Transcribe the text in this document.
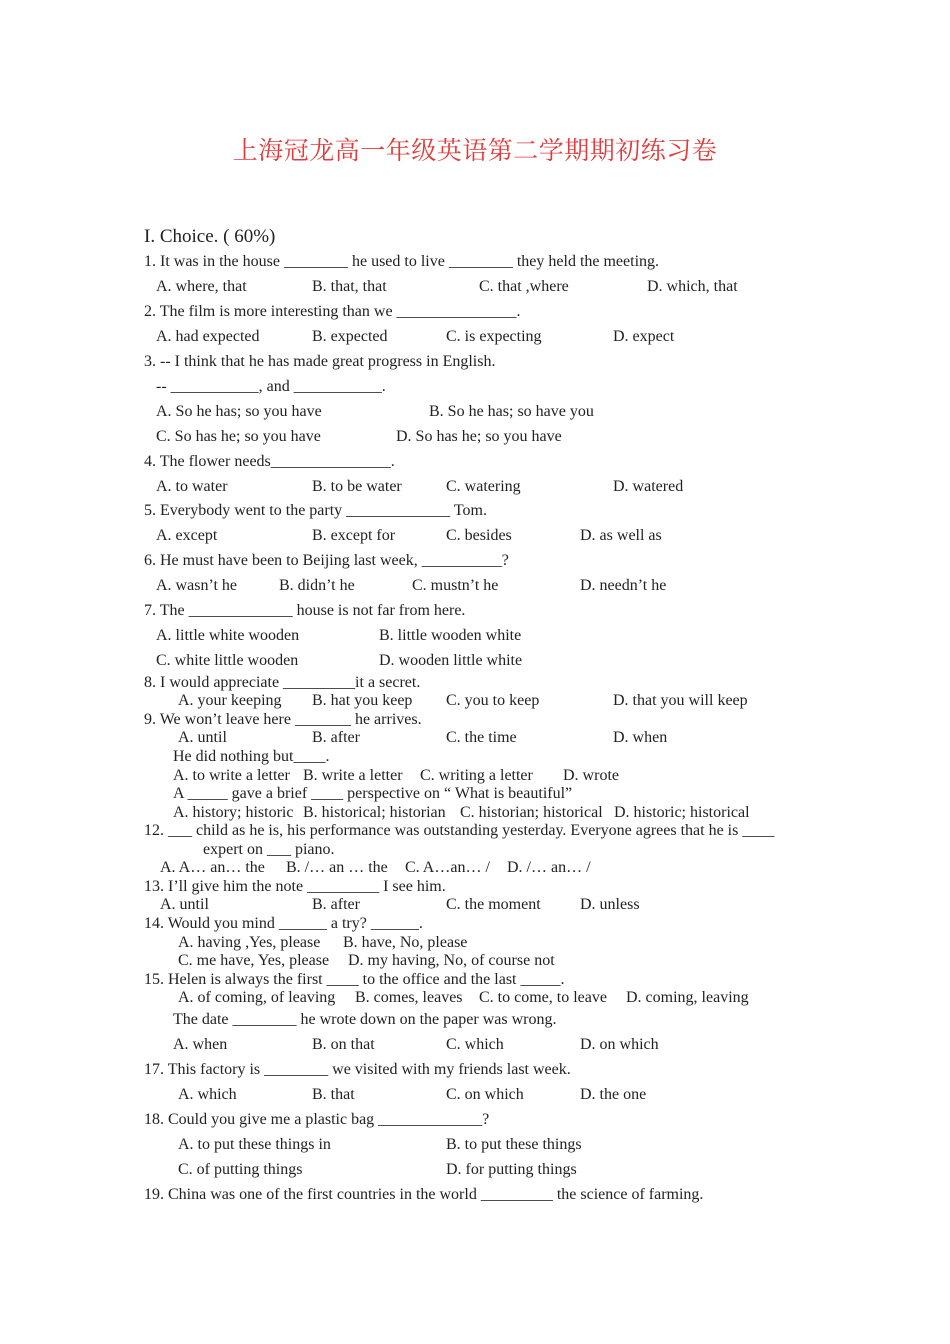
上海冠龙高一年级英语第二学期期初练习卷
I. Choice. ( 60%)
1. It was in the house ________ he used to live ________ they held the meeting.
A. where, that	B. that, that	C. that ,where	D. which, that
2. The film is more interesting than we _______________.
A. had expected	B. expected	C. is expecting	D. expect
3. -- I think that he has made great progress in English.
-- ___________, and ___________.
A. So he has; so you have	B. So he has; so have you
C. So has he; so you have	D. So has he; so you have
4. The flower needs_______________.
A. to water	B. to be water	C. watering	D. watered
5. Everybody went to the party _____________ Tom.
A. except	B. except for	C. besides	D. as well as
6. He must have been to Beijing last week, __________?
A. wasn’t he	B. didn’t he	C. mustn’t he	D. needn’t he
7. The _____________ house is not far from here.
A. little white wooden	B. little wooden white
C. white little wooden	D. wooden little white
8. I would appreciate _________it a secret.
A. your keeping B. hat you keep C. you to keep	D. that you will keep
9. We won’t leave here _______ he arrives.
A. until	B. after	C. the time	D. when
He did nothing but____.
A. to write a letter B. write a letter C. writing a letter D. wrote
A _____ gave a brief ____ perspective on “ What is beautiful”
A. history; historic B. historical; historian C. historian; historical D. historic; historical
12. ___ child as he is, his performance was outstanding yesterday. Everyone agrees that he is ____
expert on ___ piano.
A. A… an… the B. /… an … the C. A…an… / D. /… an… /
13. I’ll give him the note _________ I see him.
A. until	B. after	C. the moment D. unless
14. Would you mind ______ a try? ______.
A. having ,Yes, please B. have, No, please
C. me have, Yes, please D. my having, No, of course not
15. Helen is always the first ____ to the office and the last _____.
A. of coming, of leaving B. comes, leaves C. to come, to leave D. coming, leaving
The date ________ he wrote down on the paper was wrong.
A. when	B. on that	C. which	D. on which
17. This factory is ________ we visited with my friends last week.
A. which	B. that	C. on which	D. the one
18. Could you give me a plastic bag _____________?
A. to put these things in	B. to put these things
C. of putting things	D. for putting things
19. China was one of the first countries in the world _________ the science of farming.
